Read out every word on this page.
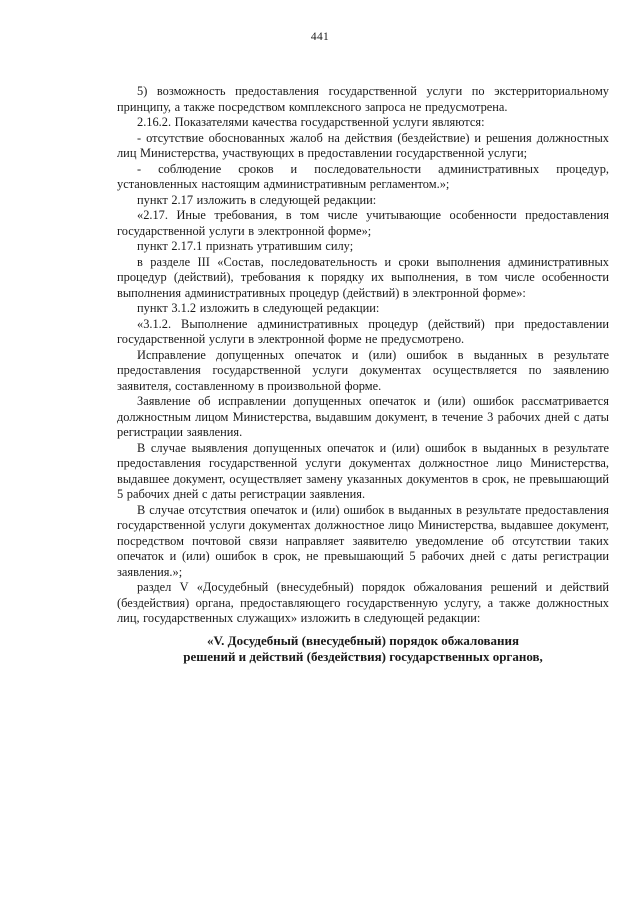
441

5) возможность предоставления государственной услуги по экстерриториальному принципу, а также посредством комплексного запроса не предусмотрена.

2.16.2. Показателями качества государственной услуги являются:

- отсутствие обоснованных жалоб на действия (бездействие) и решения должностных лиц Министерства, участвующих в предоставлении государственной услуги;

- соблюдение сроков и последовательности административных процедур, установленных настоящим административным регламентом.»;

пункт 2.17 изложить в следующей редакции:

«2.17. Иные требования, в том числе учитывающие особенности предоставления государственной услуги в электронной форме»;

пункт 2.17.1 признать утратившим силу;

в разделе III «Состав, последовательность и сроки выполнения административных процедур (действий), требования к порядку их выполнения, в том числе особенности выполнения административных процедур (действий) в электронной форме»:

пункт 3.1.2 изложить в следующей редакции:

«3.1.2. Выполнение административных процедур (действий) при предоставлении государственной услуги в электронной форме не предусмотрено.

Исправление допущенных опечаток и (или) ошибок в выданных в результате предоставления государственной услуги документах осуществляется по заявлению заявителя, составленному в произвольной форме.

Заявление об исправлении допущенных опечаток и (или) ошибок рассматривается должностным лицом Министерства, выдавшим документ, в течение 3 рабочих дней с даты регистрации заявления.

В случае выявления допущенных опечаток и (или) ошибок в выданных в результате предоставления государственной услуги документах должностное лицо Министерства, выдавшее документ, осуществляет замену указанных документов в срок, не превышающий 5 рабочих дней с даты регистрации заявления.

В случае отсутствия опечаток и (или) ошибок в выданных в результате предоставления государственной услуги документах должностное лицо Министерства, выдавшее документ, посредством почтовой связи направляет заявителю уведомление об отсутствии таких опечаток и (или) ошибок в срок, не превышающий 5 рабочих дней с даты регистрации заявления.»;

раздел V «Досудебный (внесудебный) порядок обжалования решений и действий (бездействия) органа, предоставляющего государственную услугу, а также должностных лиц, государственных служащих» изложить в следующей редакции:

«V. Досудебный (внесудебный) порядок обжалования
решений и действий (бездействия) государственных органов,
